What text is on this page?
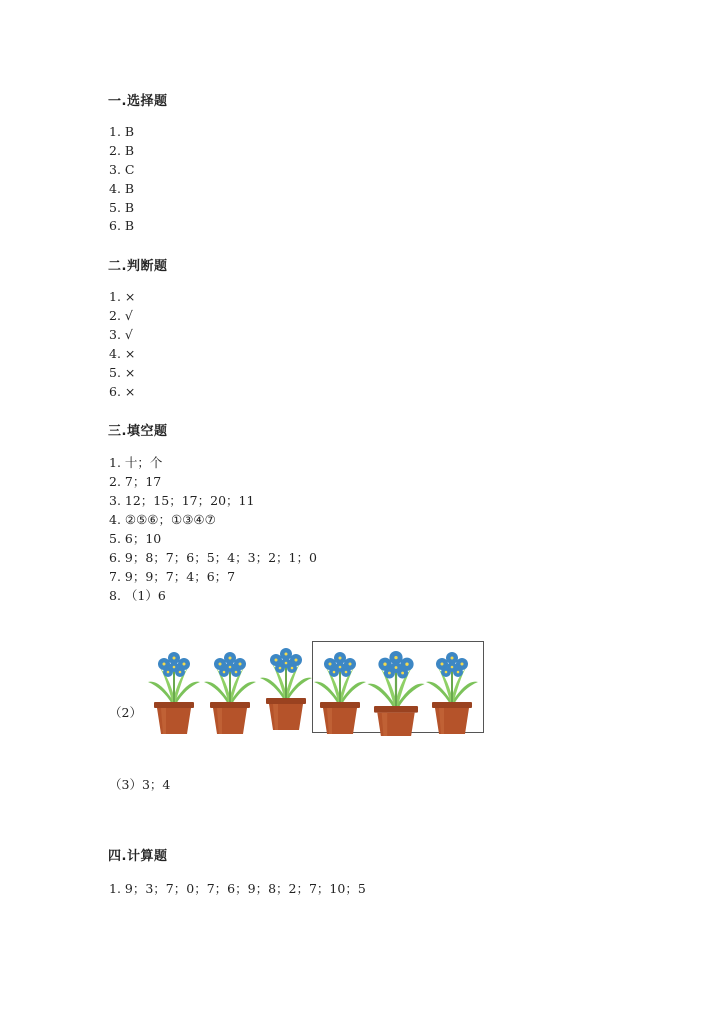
一.选择题
1. B
2. B
3. C
4. B
5. B
6. B
二.判断题
1. ×
2. √
3. √
4. ×
5. ×
6. ×
三.填空题
1. 十；个
2. 7；17
3. 12；15；17；20；11
4. ②⑤⑥；①③④⑦
5. 6；10
6. 9；8；7；6；5；4；3；2；1；0
7. 9；9；7；4；6；7
8. （1）6
（2）
（3）3；4
四.计算题
1. 9；3；7；0；7；6；9；8；2；7；10；5
